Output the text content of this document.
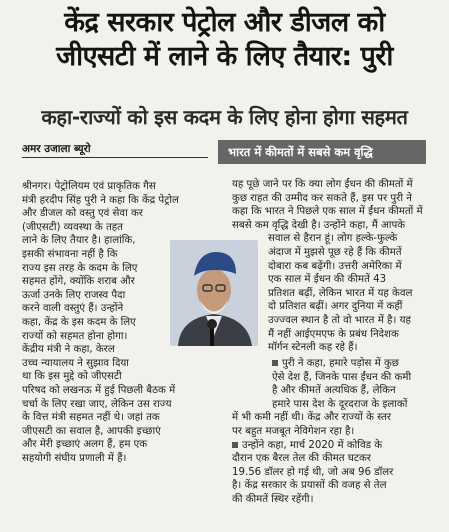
केंद्र सरकार पेट्रोल और डीजल को
जीएसटी में लाने के लिए तैयार: पुरी
कहा-राज्यों को इस कदम के लिए होना होगा सहमत
अमर उजाला ब्यूरो	भारत में कीमतों में सबसे कम वृद्धि

श्रीनगर। पेट्रोलियम एवं प्राकृतिक गैस

मंत्री हरदीप सिंह पुरी ने कहा कि केंद्र पेट्रोल

और डीजल को वस्तु एवं सेवा कर

(जीएसटी) व्यवस्था के तहत

लाने के लिए तैयार है। हालांकि,

इसकी संभावना नहीं है कि

राज्य इस तरह के कदम के लिए

सहमत होंगे, क्योंकि शराब और

ऊर्जा उनके लिए राजस्व पैदा

करने वाली वस्तुएं हैं। उन्होंने

कहा, केंद्र के इस कदम के लिए

राज्यों को सहमत होना होगा।

केंद्रीय मंत्री ने कहा, केरल

उच्च न्यायालय ने सुझाव दिया

था कि इस मुद्दे को जीएसटी

परिषद को लखनऊ में हुई पिछली बैठक में

चर्चा के लिए रखा जाए, लेकिन उस राज्य

के वित्त मंत्री सहमत नहीं थे। जहां तक

जीएसटी का सवाल है, आपकी इच्छाएं

और मेरी इच्छाएं अलग हैं, हम एक

सहयोगी संघीय प्रणाली में हैं।

यह पूछे जाने पर कि क्या लोग ईंधन की कीमतों में

कुछ राहत की उम्मीद कर सकते हैं, इस पर पुरी ने

कहा कि भारत ने पिछले एक साल में ईंधन कीमतों में

सबसे कम वृद्धि देखी है। उन्होंने कहा, मैं आपके

सवाल से हैरान हूं। लोग हल्के-फुल्के

अंदाज में मुझसे पूछ रहे हैं कि कीमतें

दोबारा कब बढ़ेंगी। उत्तरी अमेरिका में

एक साल में ईंधन की कीमतें 43

प्रतिशत बढ़ीं, लेकिन भारत में यह केवल

दो प्रतिशत बढ़ीं। अगर दुनिया में कहीं

उज्ज्वल स्थान है तो वो भारत में है। यह

मैं नहीं आईएमएफ के प्रबंध निदेशक

मॉर्गन स्टेनली कह रहे हैं।

पुरी ने कहा, हमारे पड़ोस में कुछ

ऐसे देश हैं, जिनके पास ईंधन की कमी

है और कीमतें अत्यधिक हैं, लेकिन

हमारे पास देश के दूरदराज के इलाकों

में भी कमी नहीं थी। केंद्र और राज्यों के स्तर

पर बहुत मजबूत नेविगेशन रहा है।

उन्होंने कहा, मार्च 2020 में कोविड के

दौरान एक बैरल तेल की कीमत घटकर

19.56 डॉलर हो गई थी, जो अब 96 डॉलर

है। केंद्र सरकार के प्रयासों की वजह से तेल

की कीमतें स्थिर रहेंगी।
